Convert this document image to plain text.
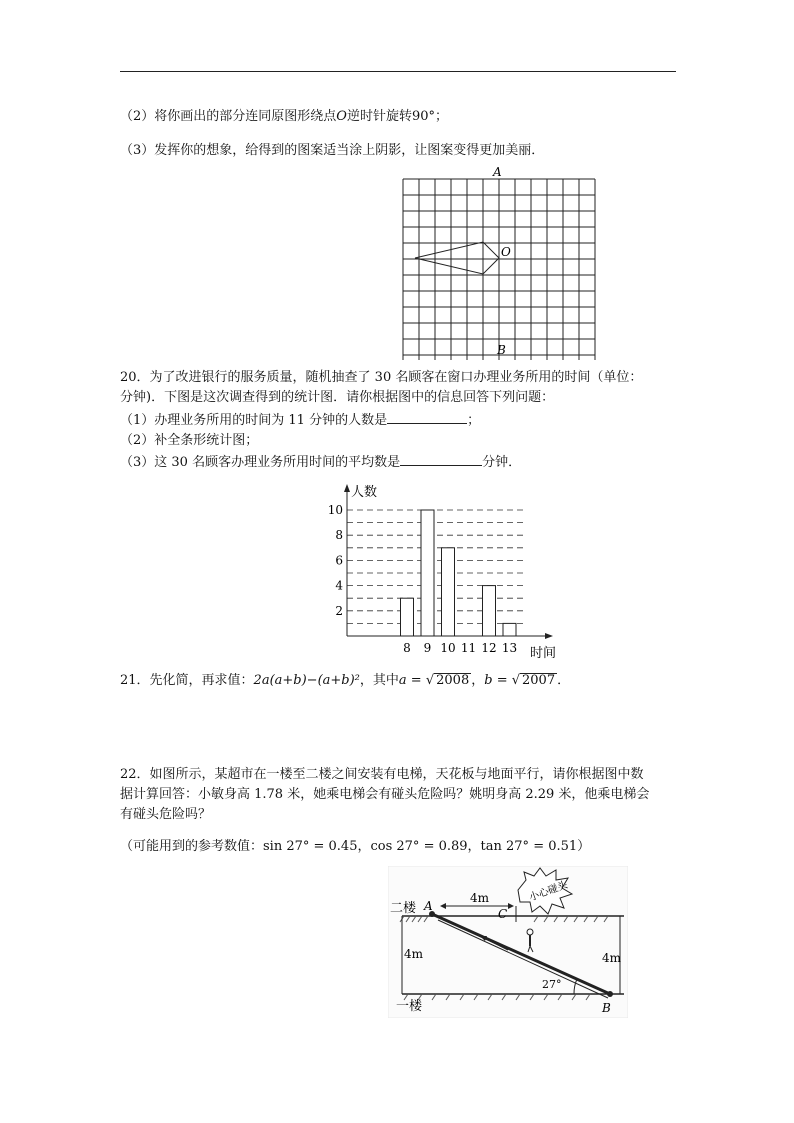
（2）将你画出的部分连同原图形绕点O逆时针旋转90°；
（3）发挥你的想象，给得到的图案适当涂上阴影，让图案变得更加美丽．
A
B
O
20．为了改进银行的服务质量，随机抽查了 30 名顾客在窗口办理业务所用的时间（单位：
分钟)．下图是这次调查得到的统计图．请你根据图中的信息回答下列问题：
（1）办理业务所用的时间为 11 分钟的人数是	；
（2）补全条形统计图；
（3）这 30 名顾客办理业务所用时间的平均数是	分钟．
2
4
6
8
10
8 9 10 11 12 13
人数
时间
21．先化简，再求值：2a(a+b)−(a+b)²，其中a = √ 2008 ，b = √ 2007 ．
22．如图所示，某超市在一楼至二楼之间安装有电梯，天花板与地面平行，请你根据图中数
据计算回答：小敏身高 1.78 米，她乘电梯会有碰头危险吗？姚明身高 2.29 米，他乘电梯会
有碰头危险吗？
（可能用到的参考数值：sin 27° = 0.45，cos 27° = 0.89，tan 27° = 0.51）
小心碰头
二楼 A
4m
C
4m	4m
27°
一楼	B
